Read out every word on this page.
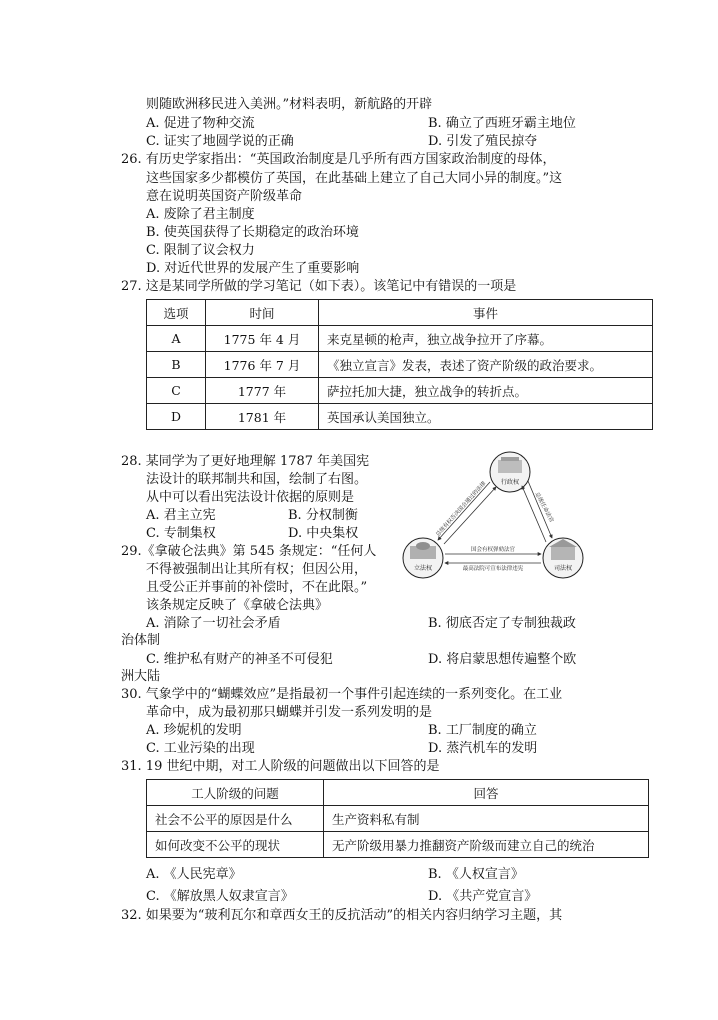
则随欧洲移民进入美洲。”材料表明，新航路的开辟
A. 促进了物种交流	B. 确立了西班牙霸主地位
C. 证实了地圆学说的正确	D. 引发了殖民掠夺
26. 有历史学家指出：“英国政治制度是几乎所有西方国家政治制度的母体，
这些国家多少都模仿了英国，在此基础上建立了自己大同小异的制度。”这
意在说明英国资产阶级革命
A. 废除了君主制度
B. 使英国获得了长期稳定的政治环境
C. 限制了议会权力
D. 对近代世界的发展产生了重要影响
27. 这是某同学所做的学习笔记（如下表）。该笔记中有错误的一项是
选项	时间	事件
A	1775 年 4 月	来克星顿的枪声，独立战争拉开了序幕。
B	1776 年 7 月	《独立宣言》发表，表述了资产阶级的政治要求。
C	1777 年	萨拉托加大捷，独立战争的转折点。
D	1781 年	英国承认美国独立。
28. 某同学为了更好地理解 1787 年美国宪
法设计的联邦制共和国，绘制了右图。
从中可以看出宪法设计依据的原则是
A. 君主立宪	B. 分权制衡
C. 专制集权	D. 中央集权
行政权
立法权	司法权
总统有权否决国会通过的法律	总统任命法官
国会有权弹劾法官
最高法院可宣布法律违宪
29.《拿破仑法典》第 545 条规定：“任何人
不得被强制出让其所有权；但因公用，
且受公正并事前的补偿时，不在此限。”
该条规定反映了《拿破仑法典》
A. 消除了一切社会矛盾	B. 彻底否定了专制独裁政
治体制
C. 维护私有财产的神圣不可侵犯	D. 将启蒙思想传遍整个欧
洲大陆
30. 气象学中的“蝴蝶效应”是指最初一个事件引起连续的一系列变化。在工业
革命中，成为最初那只蝴蝶并引发一系列发明的是
A. 珍妮机的发明	B. 工厂制度的确立
C. 工业污染的出现	D. 蒸汽机车的发明
31. 19 世纪中期，对工人阶级的问题做出以下回答的是
工人阶级的问题	回答
社会不公平的原因是什么	生产资料私有制
如何改变不公平的现状	无产阶级用暴力推翻资产阶级而建立自己的统治
A. 《人民宪章》	B. 《人权宣言》
C. 《解放黑人奴隶宣言》	D. 《共产党宣言》
32. 如果要为“玻利瓦尔和章西女王的反抗活动”的相关内容归纳学习主题，其
